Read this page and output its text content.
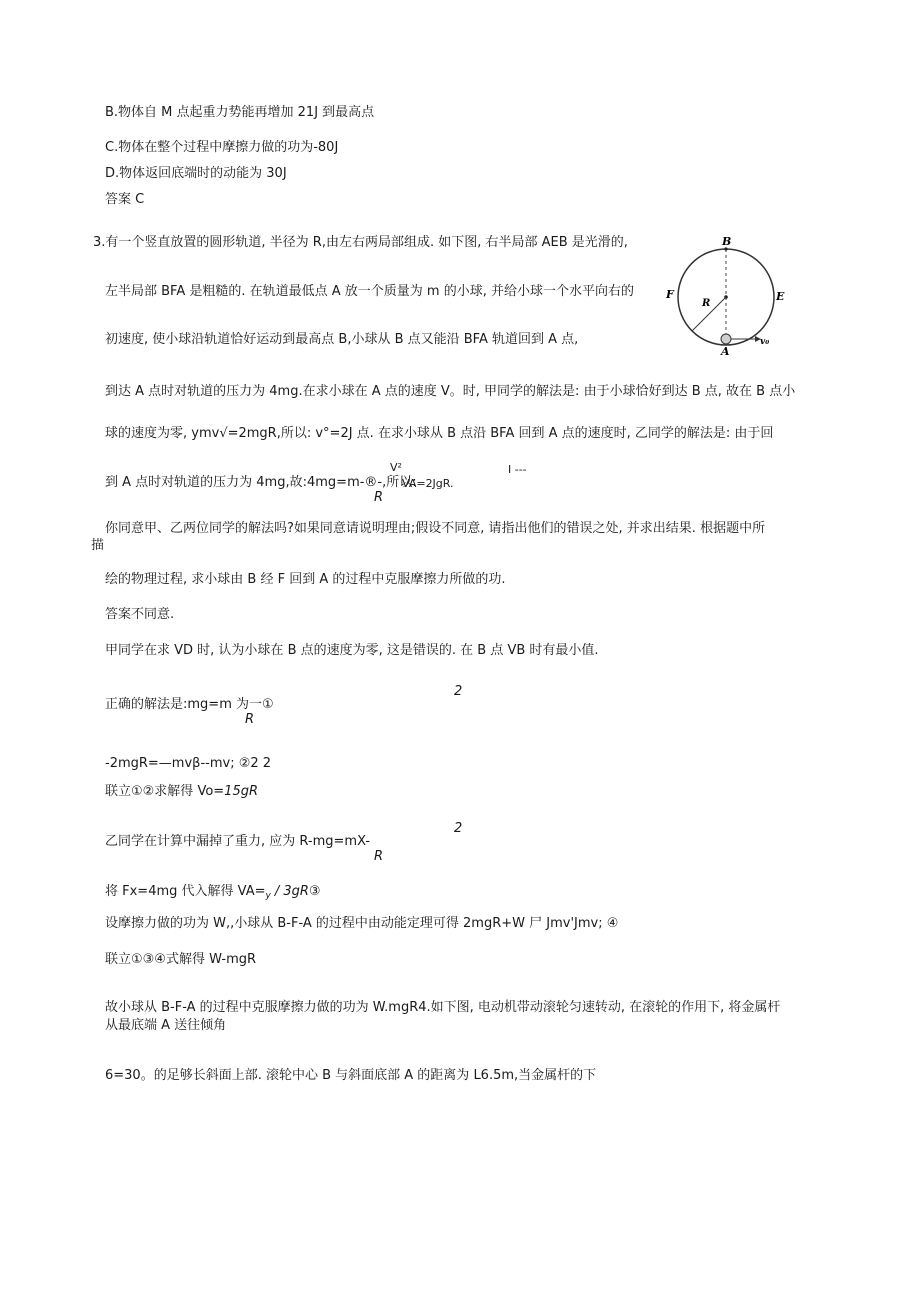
B.物体自 M 点起重力势能再增加 21J 到最高点
C.物体在整个过程中摩擦力做的功为-80J
D.物体返回底端时的动能为 30J
答案 C
3.有一个竖直放置的圆形轨道, 半径为 R,由左右两局部组成. 如下图, 右半局部 AEB 是光滑的,
左半局部 BFA 是粗糙的. 在轨道最低点 A 放一个质量为 m 的小球, 并给小球一个水平向右的
初速度, 使小球沿轨道恰好运动到最高点 B,小球从 B 点又能沿 BFA 轨道回到 A 点,
到达 A 点时对轨道的压力为 4mg.在求小球在 A 点的速度 V。时, 甲同学的解法是: 由于小球恰好到达 B 点, 故在 B 点小
球的速度为零, ymv√=2mgR,所以: v°=2J 点. 在求小球从 B 点沿 BFA 回到 A 点的速度时, 乙同学的解法是: 由于回
V²	I ---
到 A 点时对轨道的压力为 4mg,故:4mg=m-®-,所以:
VA=2JgR.
R
你同意甲、乙两位同学的解法吗?如果同意请说明理由;假设不同意, 请指出他们的错误之处, 并求出结果. 根据题中所
描
绘的物理过程, 求小球由 B 经 F 回到 A 的过程中克服摩擦力所做的功.
答案不同意.
甲同学在求 VD 时, 认为小球在 B 点的速度为零, 这是错误的. 在 B 点 VB 时有最小值.
2
正确的解法是:mg=m 为一①
R
-2mgR=—mvβ--mv; ②2 2
联立①②求解得 Vo=15gR
2
乙同学在计算中漏掉了重力, 应为 R-mg=mX-
R
将 Fx=4mg 代入解得 $VA=_y$ / 3gR③
设摩擦力做的功为 W,,小球从 B-F-A 的过程中由动能定理可得 2mgR+W 尸 Jmv'Jmv; ④
联立①③④式解得 W-mgR
故小球从 B-F-A 的过程中克服摩擦力做的功为 W.mgR4.如下图, 电动机带动滚轮匀速转动, 在滚轮的作用下, 将金属杆
从最底端 A 送往倾角
6=30。的足够长斜面上部. 滚轮中心 B 与斜面底部 A 的距离为 L6.5m,当金属杆的下
B
E
F
R
A
v₀
